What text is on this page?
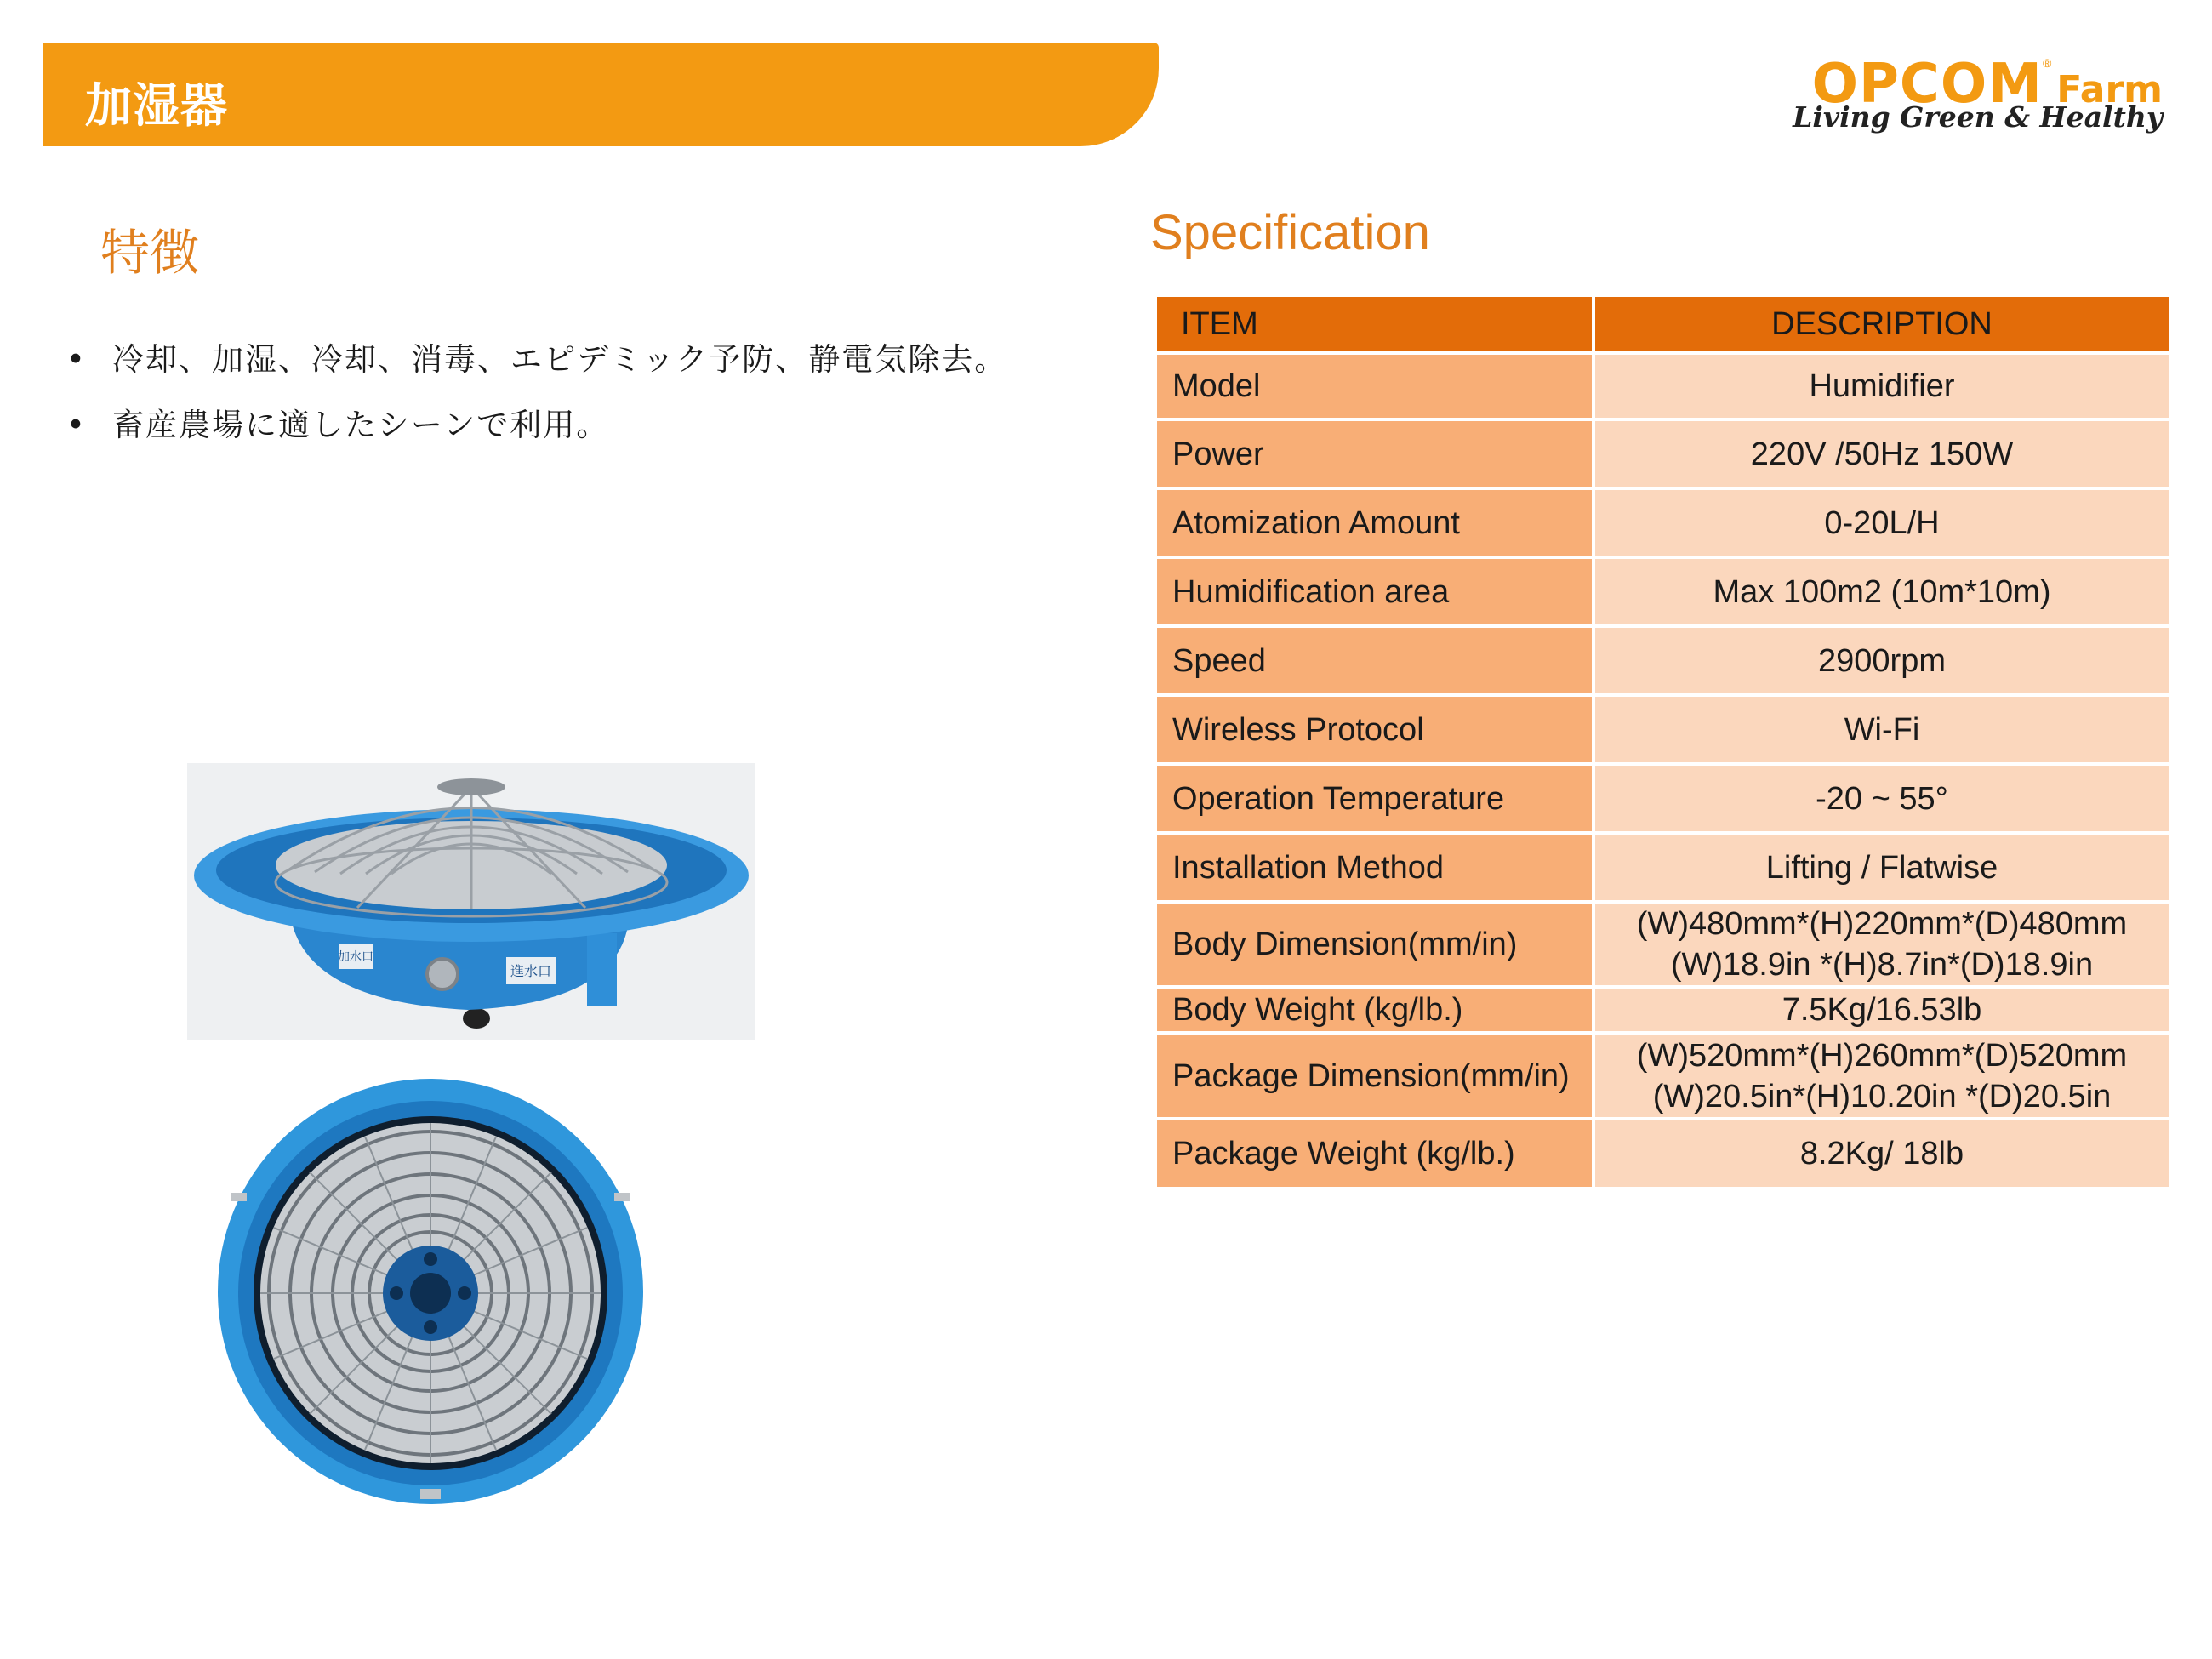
加湿器	OPCOM®Farm
Living Green & Healthy
特徴
• 冷却、加湿、冷却、消毒、エピデミック予防、静電気除去。
• 畜産農場に適したシーンで利用。
Specification
ITEM	DESCRIPTION
Model	Humidifier
Power	220V /50Hz 150W
Atomization Amount	0-20L/H
Humidification area	Max 100m2 (10m*10m)
Speed	2900rpm
Wireless Protocol	Wi-Fi
Operation Temperature	-20 ~ 55°
Installation Method	Lifting / Flatwise
Body Dimension(mm/in)	(W)480mm*(H)220mm*(D)480mm
(W)18.9in *(H)8.7in*(D)18.9in

Body Weight (kg/lb.)	7.5Kg/16.53lb
Package Dimension(mm/in)	(W)520mm*(H)260mm*(D)520mm
(W)20.5in*(H)10.20in *(D)20.5in

Package Weight (kg/lb.)	8.2Kg/ 18lb
加水口
進水口
